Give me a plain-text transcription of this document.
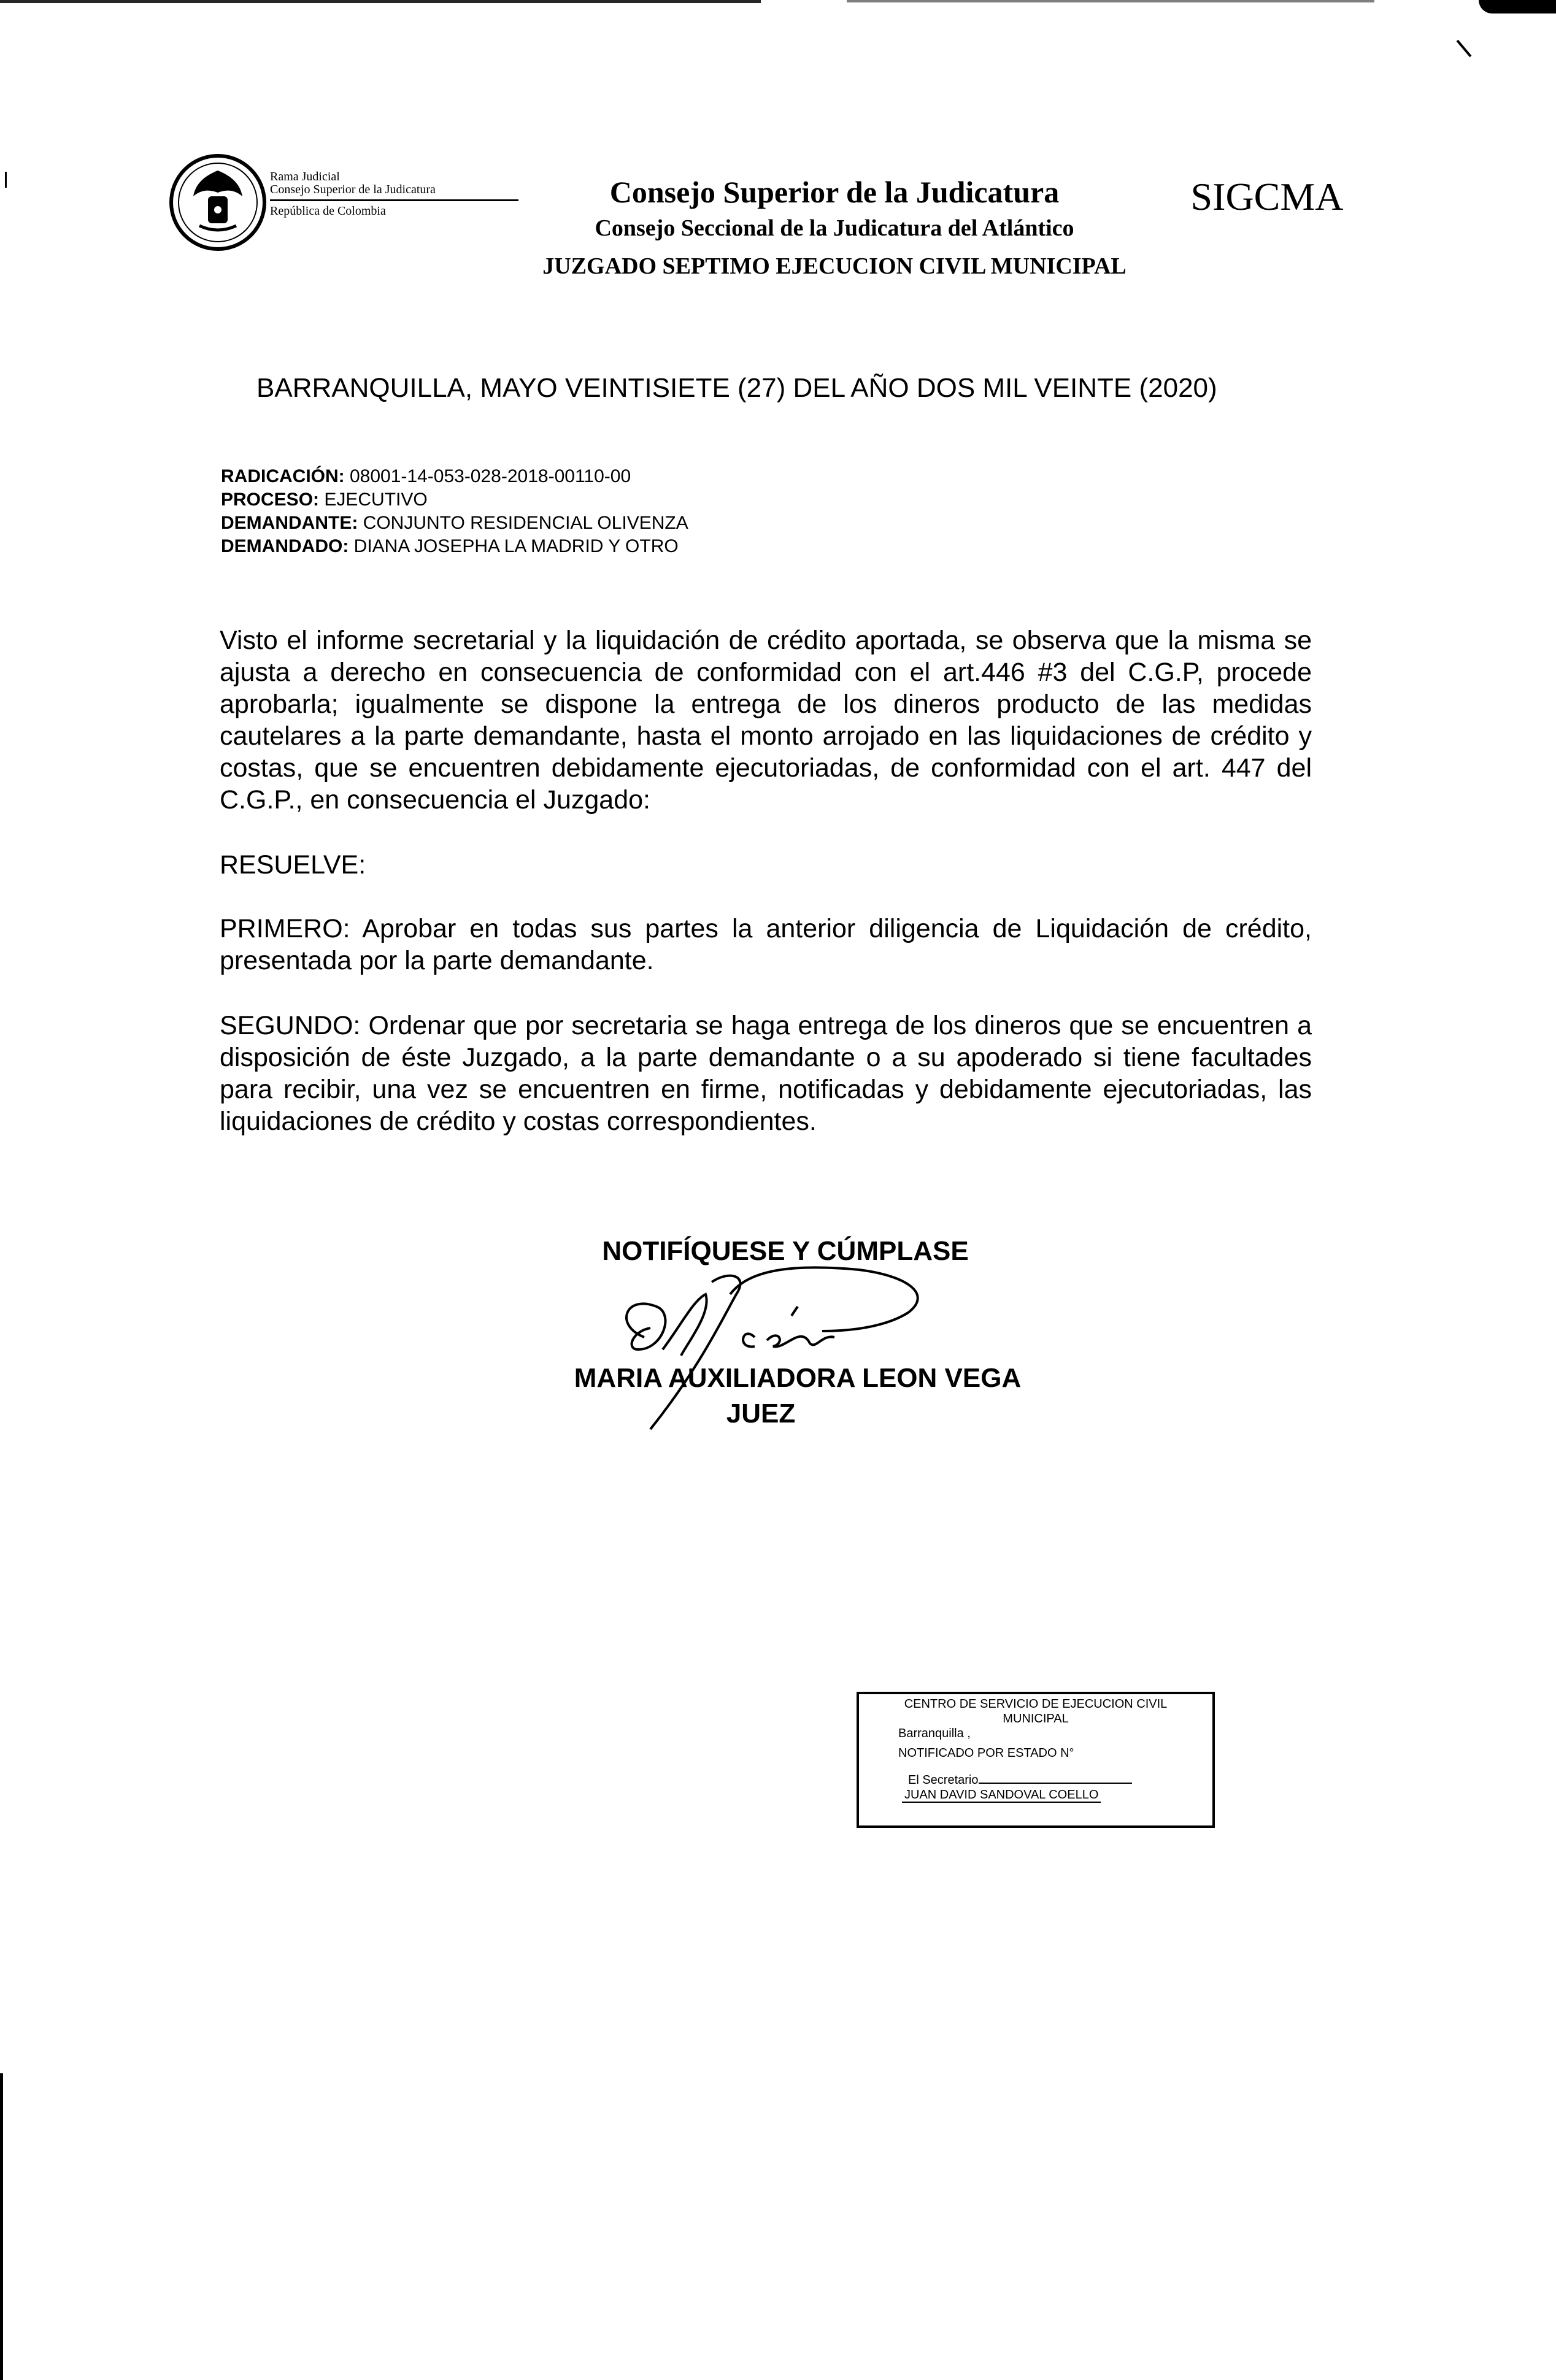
Rama Judicial
Consejo Superior de la Judicatura
República de Colombia
Consejo Superior de la Judicatura
Consejo Seccional de la Judicatura del Atlántico
SIGCMA
JUZGADO SEPTIMO EJECUCION CIVIL MUNICIPAL
BARRANQUILLA, MAYO VEINTISIETE (27) DEL AÑO DOS MIL VEINTE (2020)
RADICACIÓN: 08001-14-053-028-2018-00110-00
PROCESO: EJECUTIVO
DEMANDANTE: CONJUNTO RESIDENCIAL OLIVENZA
DEMANDADO: DIANA JOSEPHA LA MADRID Y OTRO
Visto el informe secretarial y la liquidación de crédito aportada, se observa que la misma se ajusta a derecho en consecuencia de conformidad con el art.446 #3 del C.G.P, procede aprobarla; igualmente se dispone la entrega de los dineros producto de las medidas cautelares a la parte demandante, hasta el monto arrojado en las liquidaciones de crédito y costas, que se encuentren debidamente ejecutoriadas, de conformidad con el art. 447 del C.G.P., en consecuencia el Juzgado:
RESUELVE:
PRIMERO: Aprobar en todas sus partes la anterior diligencia de Liquidación de crédito, presentada por la parte demandante.
SEGUNDO: Ordenar que por secretaria se haga entrega de los dineros que se encuentren a disposición de éste Juzgado, a la parte demandante o a su apoderado si tiene facultades para recibir, una vez se encuentren en firme, notificadas y debidamente ejecutoriadas, las liquidaciones de crédito y costas correspondientes.
NOTIFÍQUESE Y CÚMPLASE
MARIA AUXILIADORA LEON VEGA
JUEZ
CENTRO DE SERVICIO DE EJECUCION CIVIL
MUNICIPAL
Barranquilla ,
NOTIFICADO POR ESTADO N°
El Secretario
JUAN DAVID SANDOVAL COELLO
